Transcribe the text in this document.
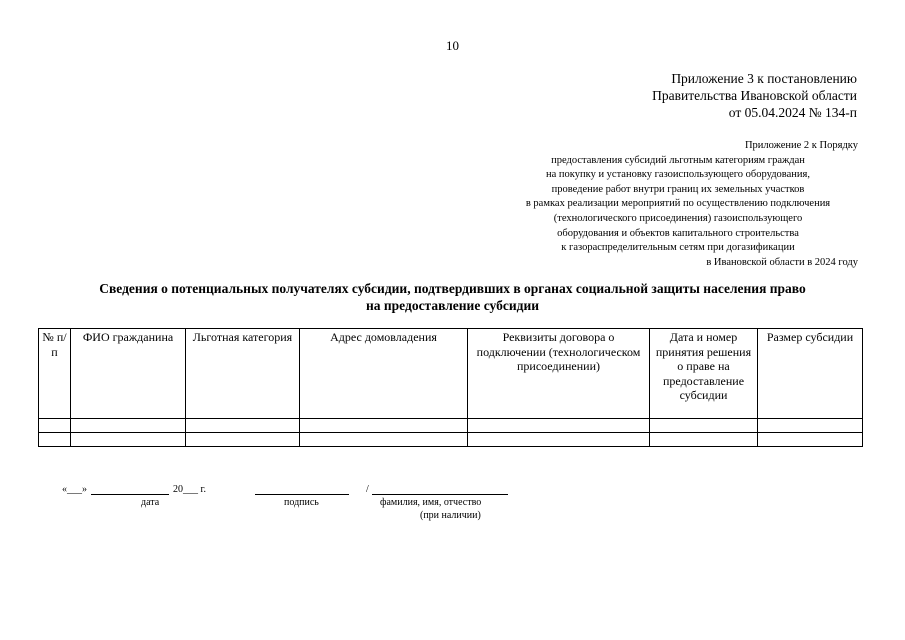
10
Приложение 3 к постановлению
Правительства Ивановской области
от 05.04.2024 № 134-п
Приложение 2 к Порядку
предоставления субсидий льготным категориям граждан
на покупку и установку газоиспользующего оборудования,
проведение работ внутри границ их земельных участков
в рамках реализации мероприятий по осуществлению подключения
(технологического присоединения) газоиспользующего
оборудования и объектов капитального строительства
к газораспределительным сетям при догазификации
в Ивановской области в 2024 году
Сведения о потенциальных получателях субсидии, подтвердивших в органах социальной защиты населения право
на предоставление субсидии
№ п/п	ФИО гражданина	Льготная категория	Адрес домовладения	Реквизиты договора о подключении (технологическом присоединении)	Дата и номер принятия решения о праве на предоставление субсидии	Размер субсидии

«___»	20___ г.	/
дата	подпись	фамилия, имя, отчество
(при наличии)
